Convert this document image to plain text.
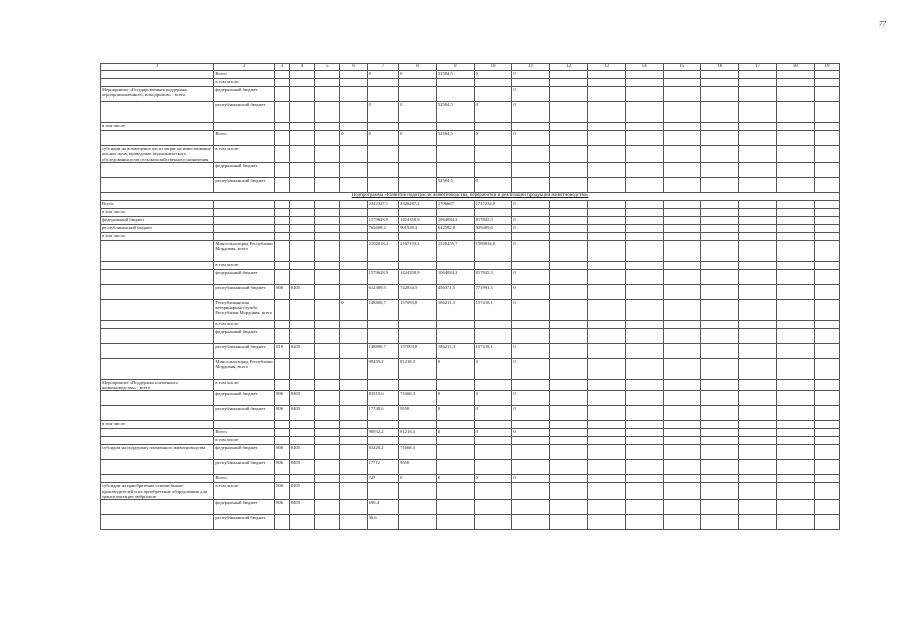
77
1	2	3	4	5	6	7	8	9	10	11	12	13	14	15	16	17	18	19
	Всего					0	0	52584,5	0	0								
	в том числе:																	
Мероприятие «Государственная поддержка агропромышленного, ипподромов» - всего:	федеральный бюджет									0								
	республиканский бюджет					0	0	52584,5	0	0								
в том числе:																		
	Всего				0	0	0	52584,5	0	0								
субсидии на возмещение части затрат на известкование кислых почв, проведение агрохимического обследования почв сельскохозяйственного назначения	в том числе:																	
	федеральный бюджет																	
	республиканский бюджет							52584,5	0									
Подпрограмма «Развитие подотрасли животноводства, переработки и реализации продукции животноводства»																		
Всего:						2342327,1	2326287,2	1706667	1747234,9	0								
в том числе:																		
федеральный бюджет						1579628,9	1424358,9	1064084,2	817845,3	0								
республиканский бюджет						762698,2	901928,3	642582,8	929409,6	0								
в том числе:																		
	Минсельхозпрод Республики Мордовия, всего					2192018,4	2167193,4	1520455,7	1589834,8	0								
	в том числе:																	
	федеральный бюджет					1579628,9	1424358,9	1064084,2	817845,3	0								
	республиканский бюджет	806	0405			612389,5	742834,5	456371,5	771991,5	0								
	Республиканская ветеринарная служба Республики Мордовия, всего				0	148806,7	157093,8	186211,3	157418,1	0								
	в том числе:																	
	федеральный бюджет																	
	республиканский бюджет	818	0405			148806,7	157093,8	186211,3	157418,1	0								
	Минсельхозпрод Республики Мордовия, всего					99459,2	81218,3	0	0	0								
Мероприятие «Поддержка племенного животноводства» - всего	в том числе:																	
	федеральный бюджет	806	0405			81910,6	71668,3	0	0	0								
	республиканский бюджет	806	0405			17748,6	9550	0	0	0								
в том числе:																		
	Всего					98932,2	81218,3	0	0	0								
	в том числе:																	
субсидии на поддержку племенного животноводства	федеральный бюджет	806	0405			81220,2	71668,3											
	республиканский бюджет	806	0405			17712	9550											
	Всего:					727	0	0	0	0								
субсидии на приобретение семени быков-производителей и на приобретение оборудования для трансплантации эмбрионов	в том числе:	806	0405															
	федеральный бюджет	806	0405			690,4												
	республиканский бюджет					36,6												
